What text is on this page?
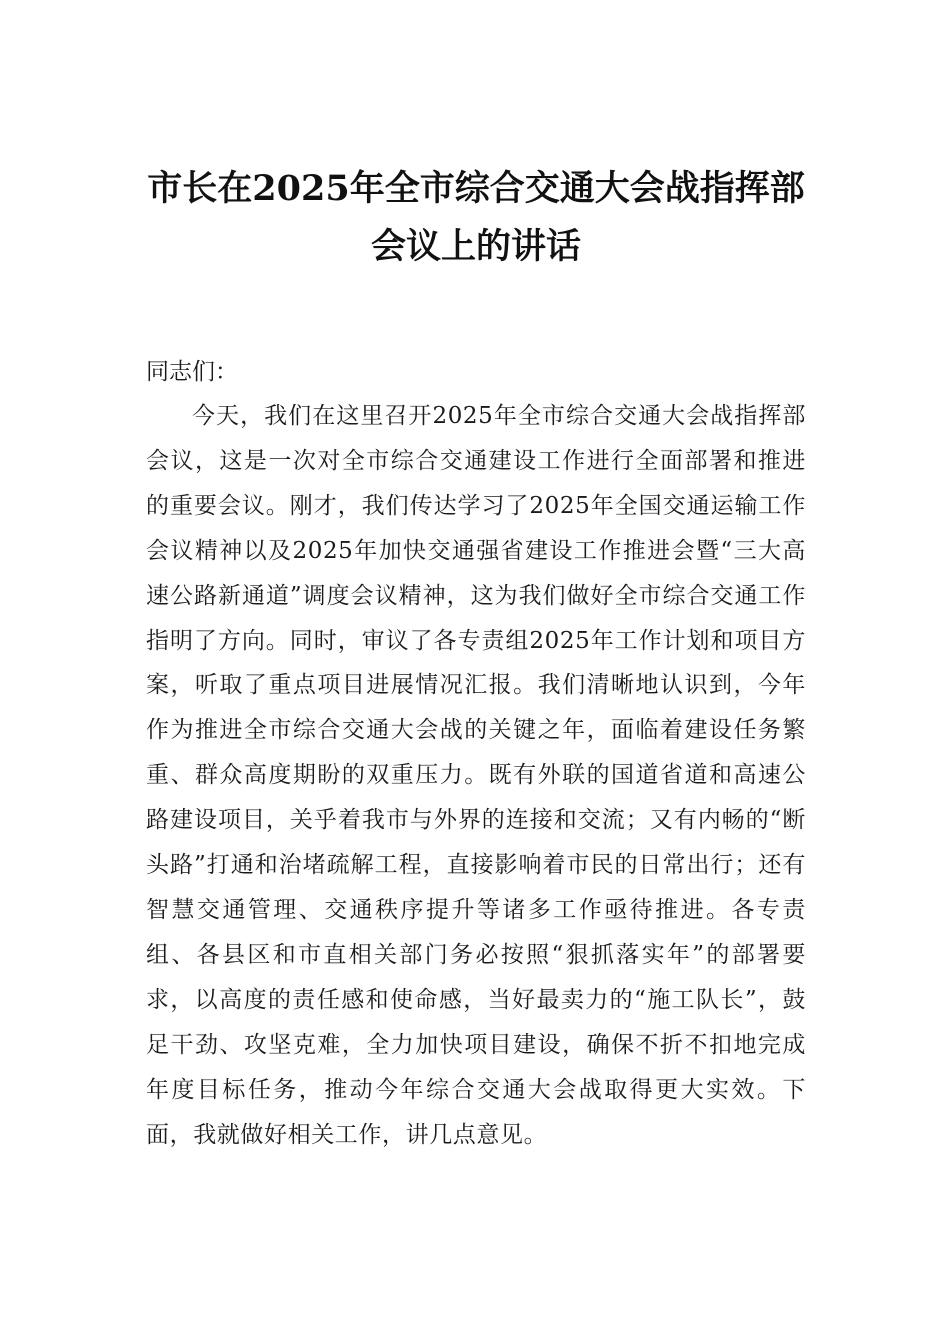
市长在2025年全市综合交通大会战指挥部
会议上的讲话

同志们：

今天，我们在这里召开2025年全市综合交通大会战指挥部会议，这是一次对全市综合交通建设工作进行全面部署和推进的重要会议。刚才，我们传达学习了2025年全国交通运输工作会议精神以及2025年加快交通强省建设工作推进会暨“三大高速公路新通道”调度会议精神，这为我们做好全市综合交通工作指明了方向。同时，审议了各专责组2025年工作计划和项目方案，听取了重点项目进展情况汇报。我们清晰地认识到，今年作为推进全市综合交通大会战的关键之年，面临着建设任务繁重、群众高度期盼的双重压力。既有外联的国道省道和高速公路建设项目，关乎着我市与外界的连接和交流；又有内畅的“断头路”打通和治堵疏解工程，直接影响着市民的日常出行；还有智慧交通管理、交通秩序提升等诸多工作亟待推进。各专责组、各县区和市直相关部门务必按照“狠抓落实年”的部署要求，以高度的责任感和使命感，当好最卖力的“施工队长”，鼓足干劲、攻坚克难，全力加快项目建设，确保不折不扣地完成年度目标任务，推动今年综合交通大会战取得更大实效。下面，我就做好相关工作，讲几点意见。
